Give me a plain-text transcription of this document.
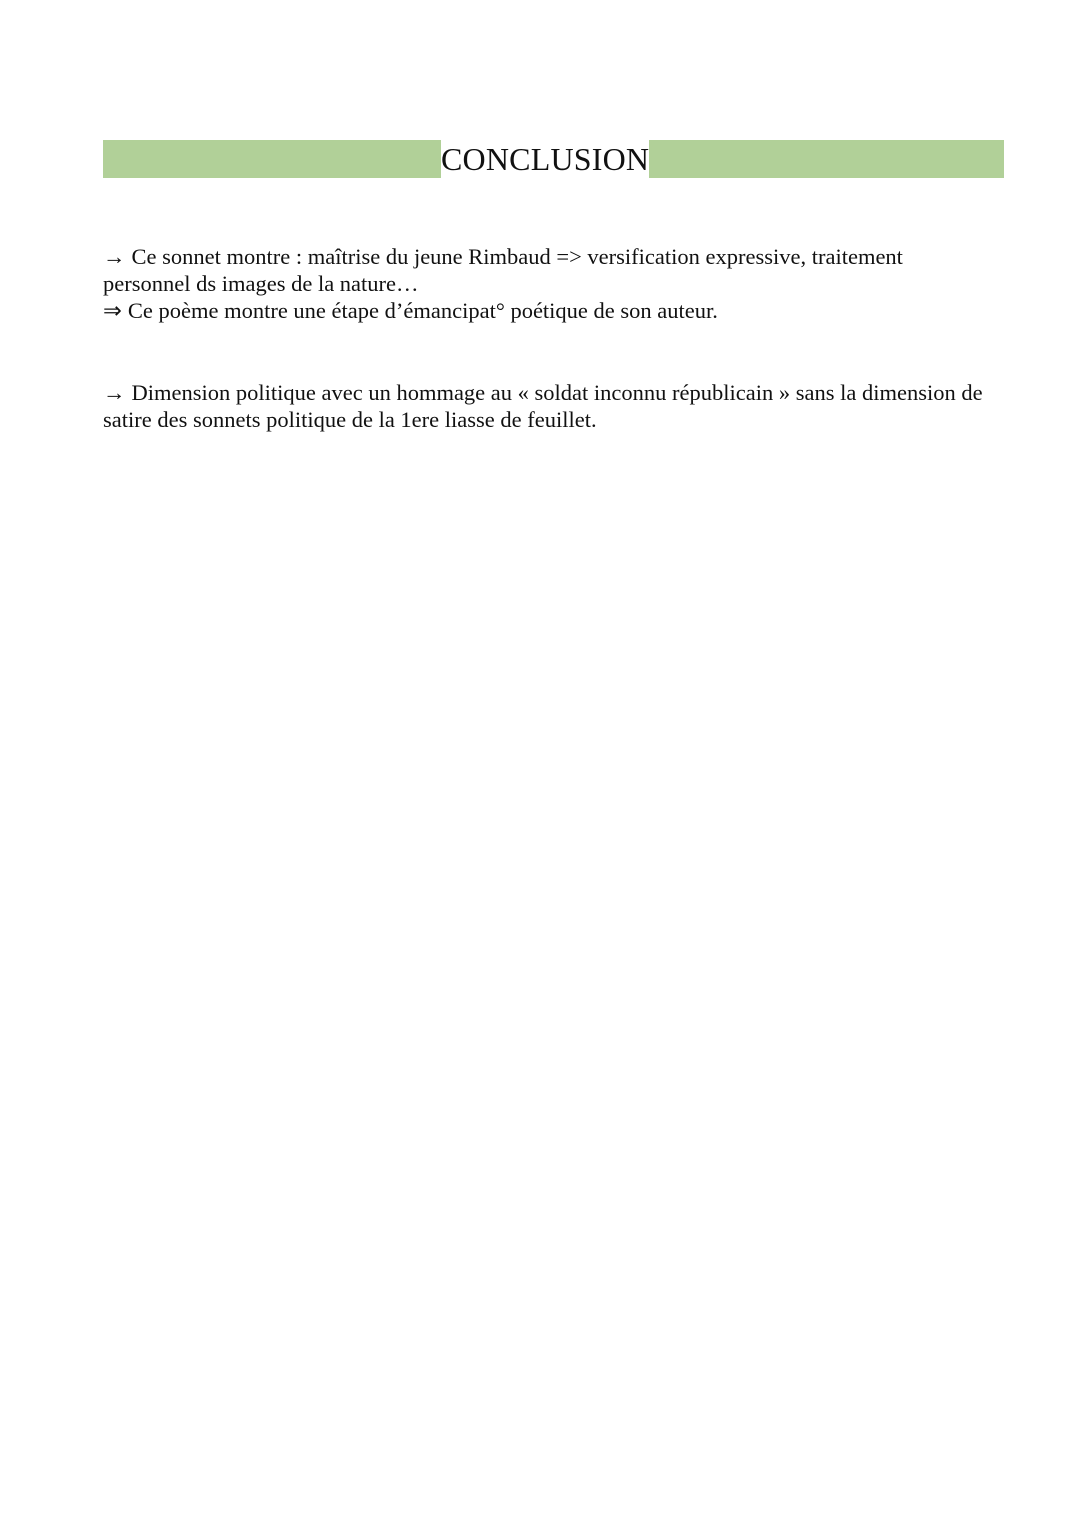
CONCLUSION

→ Ce sonnet montre : maîtrise du jeune Rimbaud => versification expressive, traitement personnel ds images de la nature…

⇒ Ce poème montre une étape d’émancipat° poétique de son auteur.

→ Dimension politique avec un hommage au « soldat inconnu républicain » sans la dimension de satire des sonnets politique de la 1ere liasse de feuillet.
